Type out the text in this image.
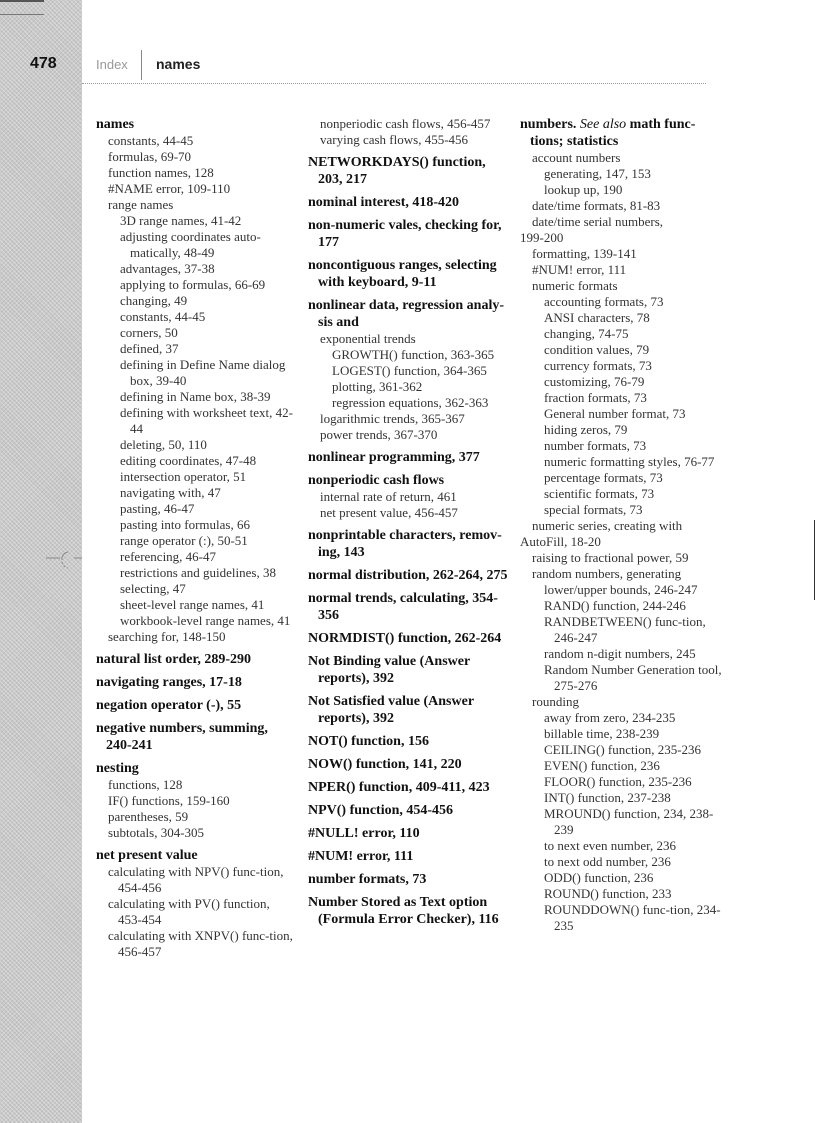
478	Index names
names
constants, 44-45
formulas, 69-70
function names, 128
#NAME error, 109-110
range names
3D range names, 41-42
adjusting coordinates auto-matically, 48-49
advantages, 37-38
applying to formulas, 66-69
changing, 49
constants, 44-45
corners, 50
defined, 37
defining in Define Name dialog box, 39-40
defining in Name box, 38-39
defining with worksheet text, 42-44
deleting, 50, 110
editing coordinates, 47-48
intersection operator, 51
navigating with, 47
pasting, 46-47
pasting into formulas, 66
range operator (:), 50-51
referencing, 46-47
restrictions and guidelines, 38
selecting, 47
sheet-level range names, 41
workbook-level range names, 41
searching for, 148-150
natural list order, 289-290
navigating ranges, 17-18
negation operator (-), 55
negative numbers, summing, 240-241
nesting
functions, 128
IF() functions, 159-160
parentheses, 59
subtotals, 304-305
net present value
calculating with NPV() func-tion, 454-456
calculating with PV() function, 453-454
calculating with XNPV() func-tion, 456-457
nonperiodic cash flows, 456-457
varying cash flows, 455-456
NETWORKDAYS() function, 203, 217
nominal interest, 418-420
non-numeric vales, checking for, 177
noncontiguous ranges, selecting with keyboard, 9-11
nonlinear data, regression analy-sis and
exponential trends
GROWTH() function, 363-365
LOGEST() function, 364-365
plotting, 361-362
regression equations, 362-363
logarithmic trends, 365-367
power trends, 367-370
nonlinear programming, 377
nonperiodic cash flows
internal rate of return, 461
net present value, 456-457
nonprintable characters, remov-ing, 143
normal distribution, 262-264, 275
normal trends, calculating, 354-356
NORMDIST() function, 262-264
Not Binding value (Answer reports), 392
Not Satisfied value (Answer reports), 392
NOT() function, 156
NOW() function, 141, 220
NPER() function, 409-411, 423
NPV() function, 454-456
#NULL! error, 110
#NUM! error, 111
number formats, 73
Number Stored as Text option (Formula Error Checker), 116
numbers. See also math func-tions; statistics
account numbers
generating, 147, 153
lookup up, 190
date/time formats, 81-83
date/time serial numbers,
199-200
formatting, 139-141
#NUM! error, 111
numeric formats
accounting formats, 73
ANSI characters, 78
changing, 74-75
condition values, 79
currency formats, 73
customizing, 76-79
fraction formats, 73
General number format, 73
hiding zeros, 79
number formats, 73
numeric formatting styles, 76-77
percentage formats, 73
scientific formats, 73
special formats, 73
numeric series, creating with
AutoFill, 18-20
raising to fractional power, 59
random numbers, generating
lower/upper bounds, 246-247
RAND() function, 244-246
RANDBETWEEN() func-tion, 246-247
random n-digit numbers, 245
Random Number Generation tool, 275-276
rounding
away from zero, 234-235
billable time, 238-239
CEILING() function, 235-236
EVEN() function, 236
FLOOR() function, 235-236
INT() function, 237-238
MROUND() function, 234, 238-239
to next even number, 236
to next odd number, 236
ODD() function, 236
ROUND() function, 233
ROUNDDOWN() func-tion, 234-235
